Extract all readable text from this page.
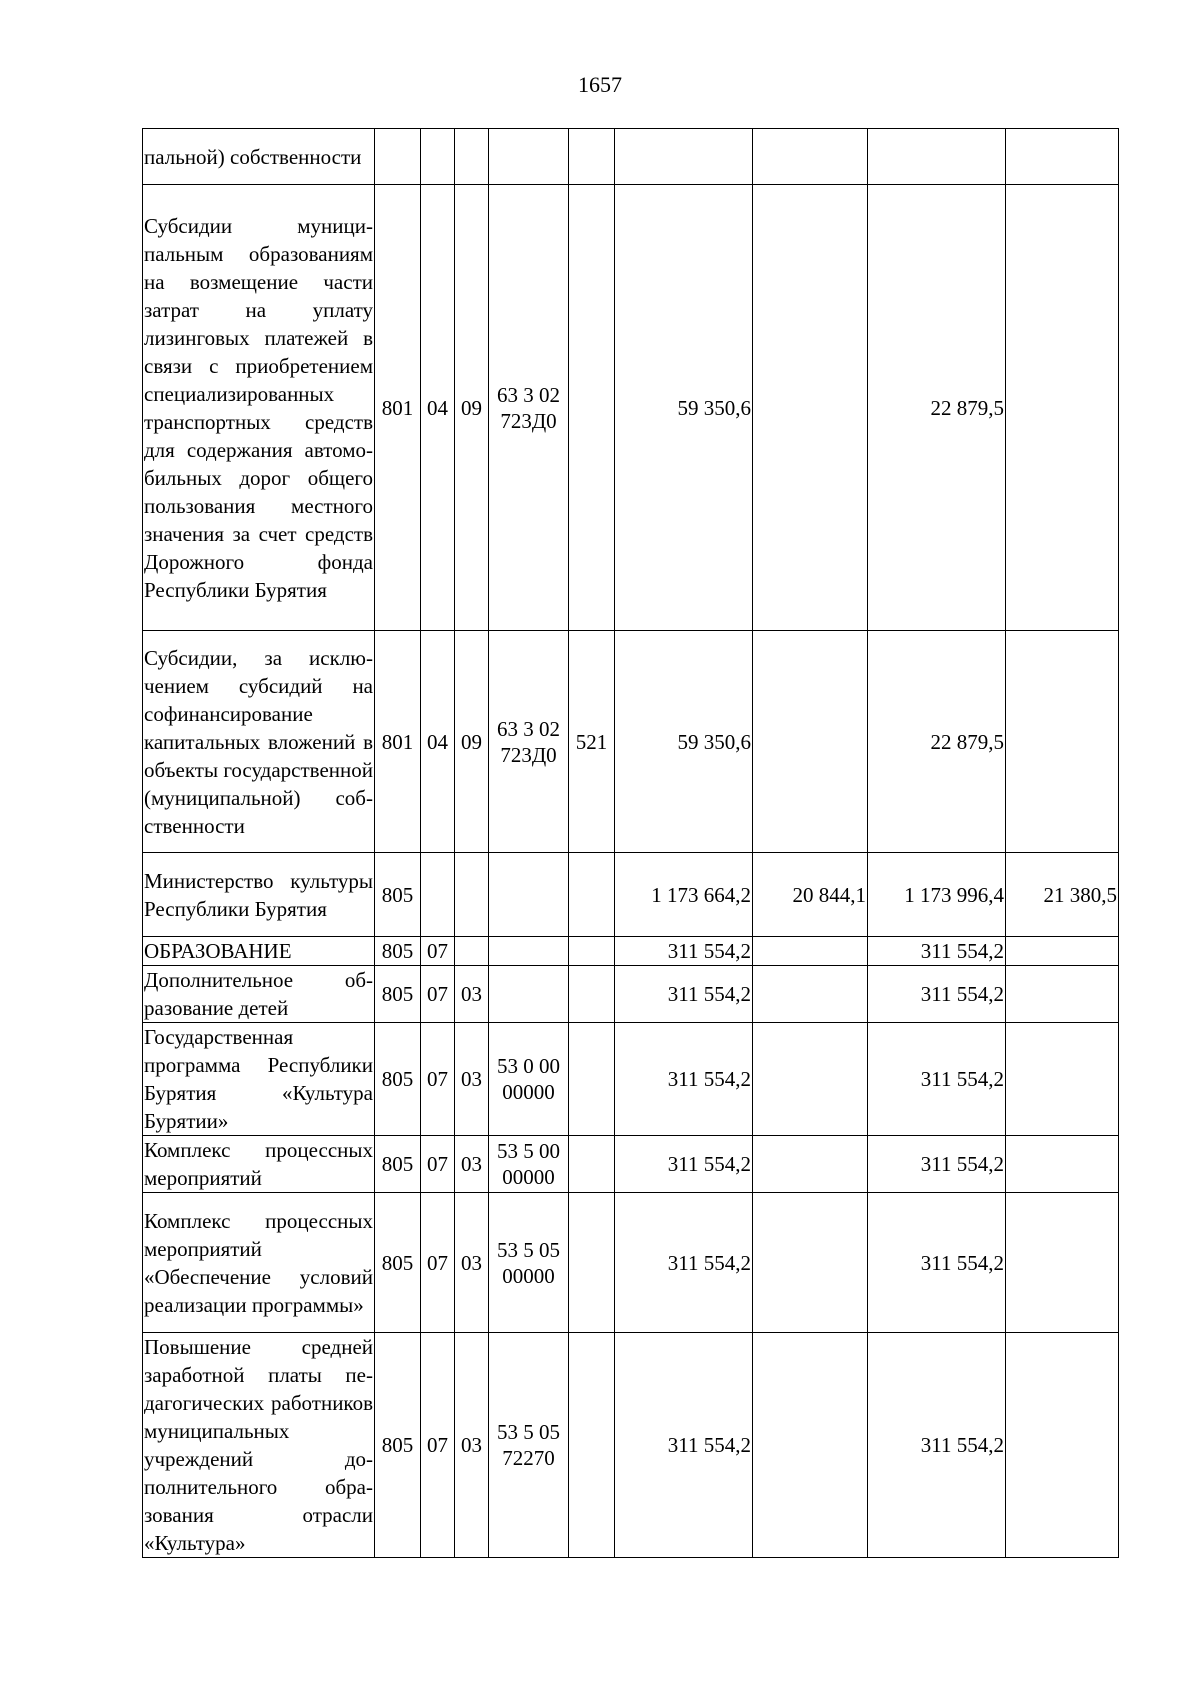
1657
пальной) собственности									
Субсидии муниципальным образованиям на возмещение части затрат на уплату лизинговых платежей в связи с приобретением специализированных транспортных средств для содержания автомобильных дорог общего пользования местного значения за счет средств Дорожного фонда Республики Бурятия	801	04	09	63 3 02 723Д0		59 350,6		22 879,5	
Субсидии, за исключением субсидий на софинансирование капитальных вложений в объекты государственной (муниципальной) собственности	801	04	09	63 3 02 723Д0	521	59 350,6		22 879,5	
Министерство культуры Республики Бурятия	805					1 173 664,2	20 844,1	1 173 996,4	21 380,5
ОБРАЗОВАНИЕ	805	07				311 554,2		311 554,2	
Дополнительное образование детей	805	07	03			311 554,2		311 554,2	
Государственная программа Республики Бурятия «Культура Бурятии»	805	07	03	53 0 00 00000		311 554,2		311 554,2	
Комплекс процессных мероприятий	805	07	03	53 5 00 00000		311 554,2		311 554,2	
Комплекс процессных мероприятий «Обеспечение условий реализации программы»	805	07	03	53 5 05 00000		311 554,2		311 554,2	
Повышение средней заработной платы педагогических работников муниципальных учреждений дополнительного образования отрасли «Культура»	805	07	03	53 5 05 72270		311 554,2		311 554,2	
